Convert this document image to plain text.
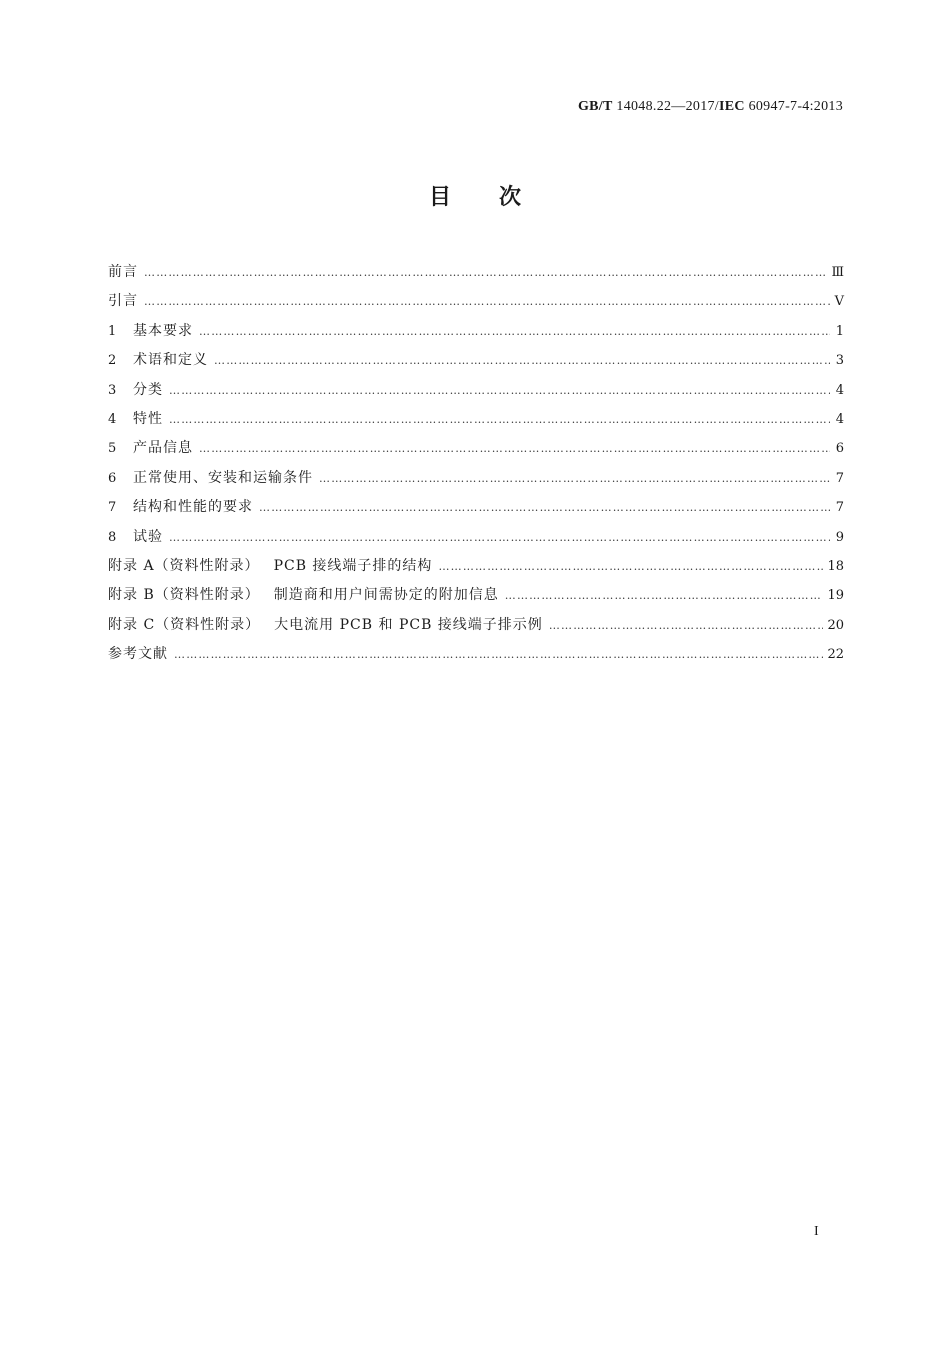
GB/T 14048.22—2017/IEC 60947-7-4:2013
目次
前言 …………………………………………………………………………………………………………………………………………………………………………………………………	Ⅲ
引言 …………………………………………………………………………………………………………………………………………………………………………………………………	Ⅴ
1	基本要求 …………………………………………………………………………………………………………………………………………………………………………………………………	1
2	术语和定义 …………………………………………………………………………………………………………………………………………………………………………………………………	3
3	分类 …………………………………………………………………………………………………………………………………………………………………………………………………	4
4	特性 …………………………………………………………………………………………………………………………………………………………………………………………………	4
5	产品信息 …………………………………………………………………………………………………………………………………………………………………………………………………	6
6	正常使用、安装和运输条件 …………………………………………………………………………………………………………………………………………………………………………………………………	7
7	结构和性能的要求 …………………………………………………………………………………………………………………………………………………………………………………………………	7
8	试验 …………………………………………………………………………………………………………………………………………………………………………………………………	9
附录 A（资料性附录） PCB 接线端子排的结构 …………………………………………………………………………………………………………………………………………………………………………………………………	18
附录 B（资料性附录） 制造商和用户间需协定的附加信息 …………………………………………………………………………………………………………………………………………………………………………………………………	19
附录 C（资料性附录） 大电流用 PCB 和 PCB 接线端子排示例 …………………………………………………………………………………………………………………………………………………………………………………………………	20
参考文献 …………………………………………………………………………………………………………………………………………………………………………………………………	22
I
